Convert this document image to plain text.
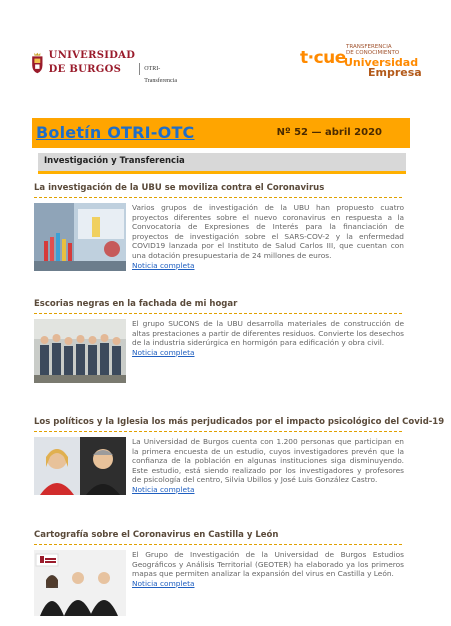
UNIVERSIDAD
DE BURGOS	OTRI-Transferencia
t·cue
TRANSFERENCIA
DE CONOCIMIENTO
Universidad
Empresa
Boletín OTRI-OTC	Nº 52 — abril 2020
Investigación y Transferencia
La investigación de la UBU se moviliza contra el Coronavirus
Varios grupos de investigación de la UBU han propuesto cuatro proyectos diferentes sobre el nuevo coronavirus en respuesta a la Convocatoria de Expresiones de Interés para la financiación de proyectos de investigación sobre el SARS-COV-2 y la enfermedad COVID19 lanzada por el Instituto de Salud Carlos III, que cuentan con una dotación presupuestaria de 24 millones de euros.
Noticia completa
Escorias negras en la fachada de mi hogar
El grupo SUCONS de la UBU desarrolla materiales de construcción de altas prestaciones a partir de diferentes residuos. Convierte los desechos de la industria siderúrgica en hormigón para edificación y obra civil.
Noticia completa
Los políticos y la Iglesia los más perjudicados por el impacto psicológico del Covid-19
La Universidad de Burgos cuenta con 1.200 personas que participan en la primera encuesta de un estudio, cuyos investigadores prevén que la confianza de la población en algunas instituciones siga disminuyendo. Este estudio, está siendo realizado por los investigadores y profesores de psicología del centro, Silvia Ubillos y José Luis González Castro.
Noticia completa
Cartografía sobre el Coronavirus en Castilla y León
El Grupo de Investigación de la Universidad de Burgos Estudios Geográficos y Análisis Territorial (GEOTER) ha elaborado ya los primeros mapas que permiten analizar la expansión del virus en Castilla y León.
Noticia completa
